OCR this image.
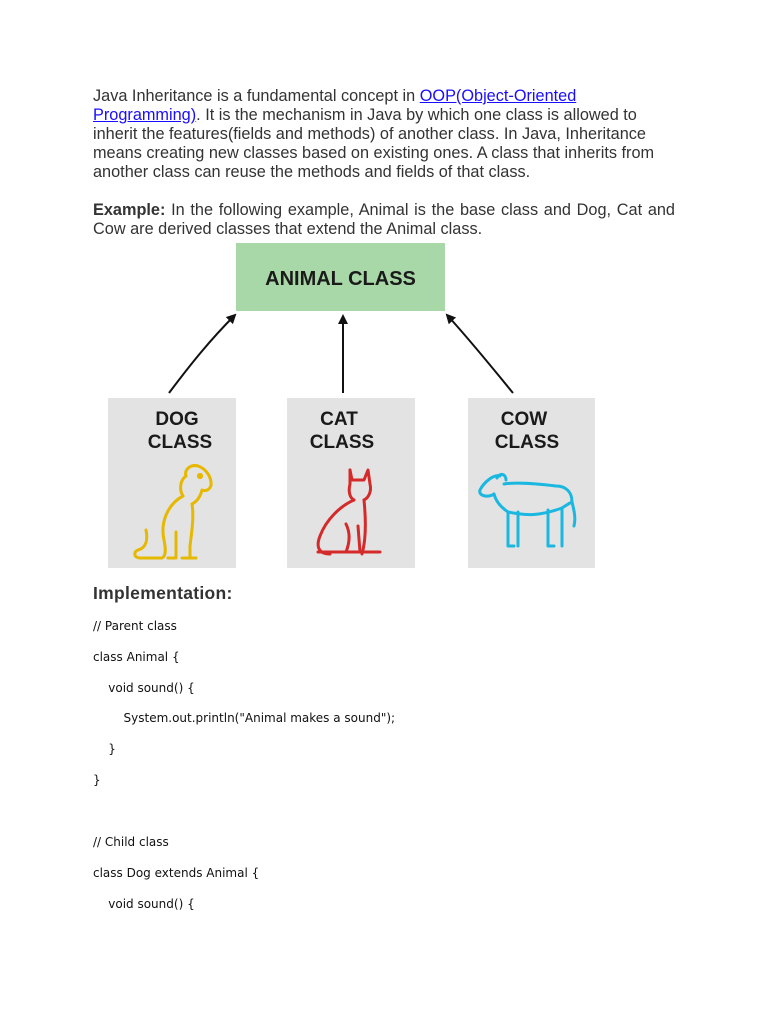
Java Inheritance is a fundamental concept in OOP(Object-Oriented Programming). It is the mechanism in Java by which one class is allowed to inherit the features(fields and methods) of another class. In Java, Inheritance means creating new classes based on existing ones. A class that inherits from another class can reuse the methods and fields of that class.

Example: In the following example, Animal is the base class and Dog, Cat and Cow are derived classes that extend the Animal class.

ANIMAL CLASS
DOG
CLASS
CAT
CLASS
COW
CLASS
Implementation:
// Parent class
class Animal {
void sound() {
System.out.println("Animal makes a sound");
}
}
// Child class
class Dog extends Animal {
void sound() {
